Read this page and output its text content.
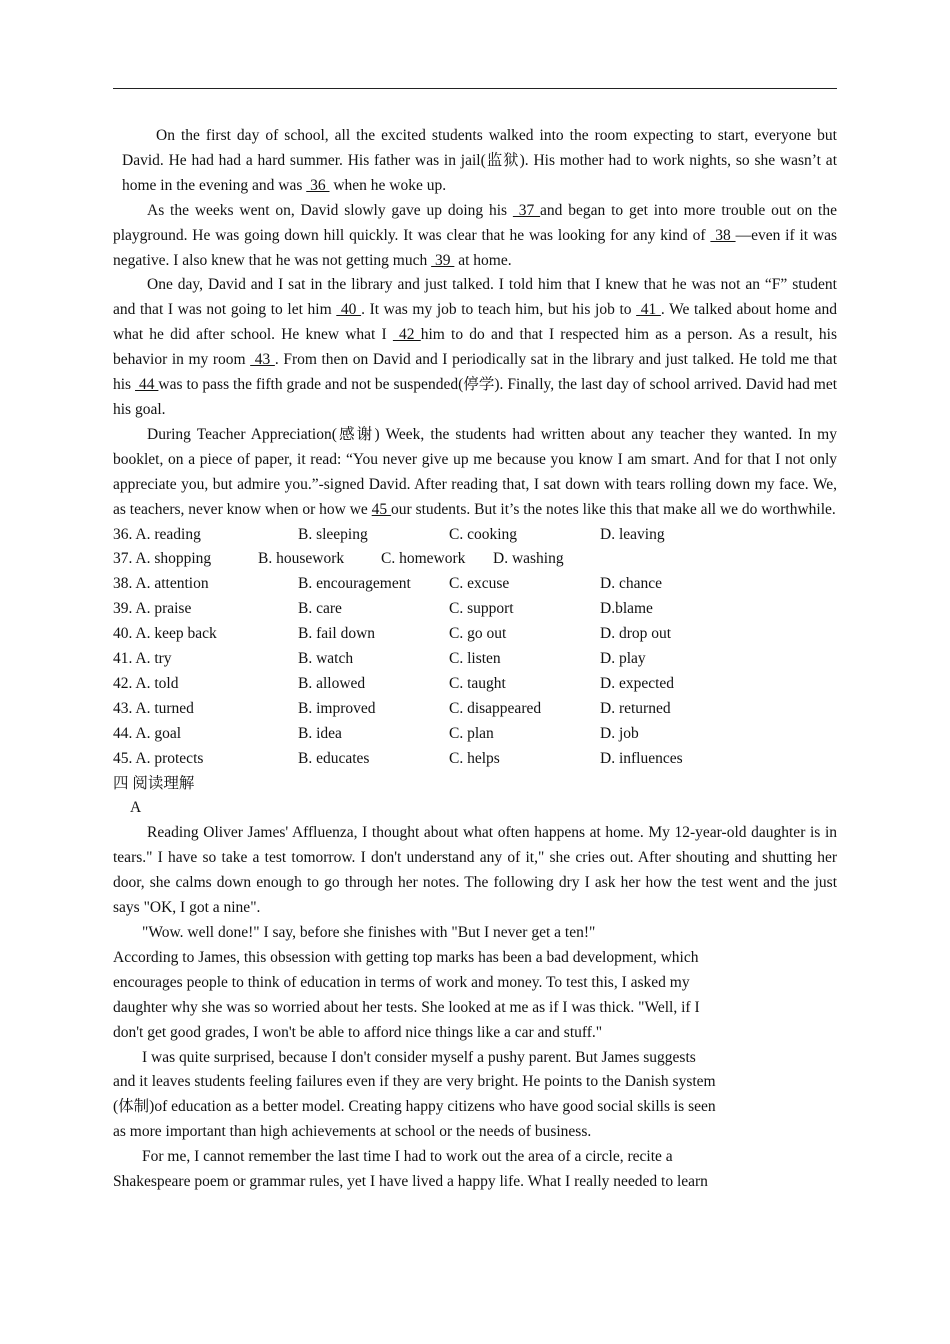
On the first day of school, all the excited students walked into the room expecting to start, everyone but David. He had had a hard summer. His father was in jail(监狱). His mother had to work nights, so she wasn’t at home in the evening and was  36  when he woke up.

As the weeks went on, David slowly gave up doing his  37 and began to get into more trouble out on the playground. He was going down hill quickly. It was clear that he was looking for any kind of  38 —even if it was negative. I also knew that he was not getting much  39  at home.

One day, David and I sat in the library and just talked. I told him that I knew that he was not an “F” student and that I was not going to let him  40 . It was my job to teach him, but his job to  41 . We talked about home and what he did after school. He knew what I  42 him to do and that I respected him as a person. As a result, his behavior in my room  43 . From then on David and I periodically sat in the library and just talked. He told me that his  44 was to pass the fifth grade and not be suspended(停学). Finally, the last day of school arrived. David had met his goal.

During Teacher Appreciation(感谢) Week, the students had written about any teacher they wanted. In my booklet, on a piece of paper, it read: “You never give up me because you know I am smart. And for that I not only appreciate you, but admire you.”-signed David. After reading that, I sat down with tears rolling down my face. We, as teachers, never know when or how we 45 our students. But it’s the notes like this that make all we do worthwhile.

36. A. reading	B. sleeping	C. cooking	D. leaving
37. A. shopping	B. housework	C. homework	D. washing
38. A. attention	B. encouragement	C. excuse	D. chance
39. A. praise	B. care	C. support	D.blame
40. A. keep back	B. fail down	C. go out	D. drop out
41. A. try	B. watch	C. listen	D. play
42. A. told	B. allowed	C. taught	D. expected
43. A. turned	B. improved	C. disappeared	D. returned
44. A. goal	B. idea	C. plan	D. job
45. A. protects	B. educates	C. helps	D. influences

四 阅读理解

A

Reading Oliver James' Affluenza, I thought about what often happens at home. My 12-year-old daughter is in tears." I have so take a test tomorrow. I don't understand any of it," she cries out. After shouting and shutting her door, she calms down enough to go through her notes. The following dry I ask her how the test went and the just says "OK, I got a nine".

"Wow. well done!" I say, before she finishes with "But I never get a ten!"

According to James, this obsession with getting top marks has been a bad development, which

encourages people to think of education in terms of work and money. To test this, I asked my

daughter why she was so worried about her tests. She looked at me as if I was thick. "Well, if I

don't get good grades, I won't be able to afford nice things like a car and stuff."

I was quite surprised, because I don't consider myself a pushy parent. But James suggests

and it leaves students feeling failures even if they are very bright. He points to the Danish system

(体制)of education as a better model. Creating happy citizens who have good social skills is seen

as more important than high achievements at school or the needs of business.

For me, I cannot remember the last time I had to work out the area of a circle, recite a

Shakespeare poem or grammar rules, yet I have lived a happy life. What I really needed to learn
